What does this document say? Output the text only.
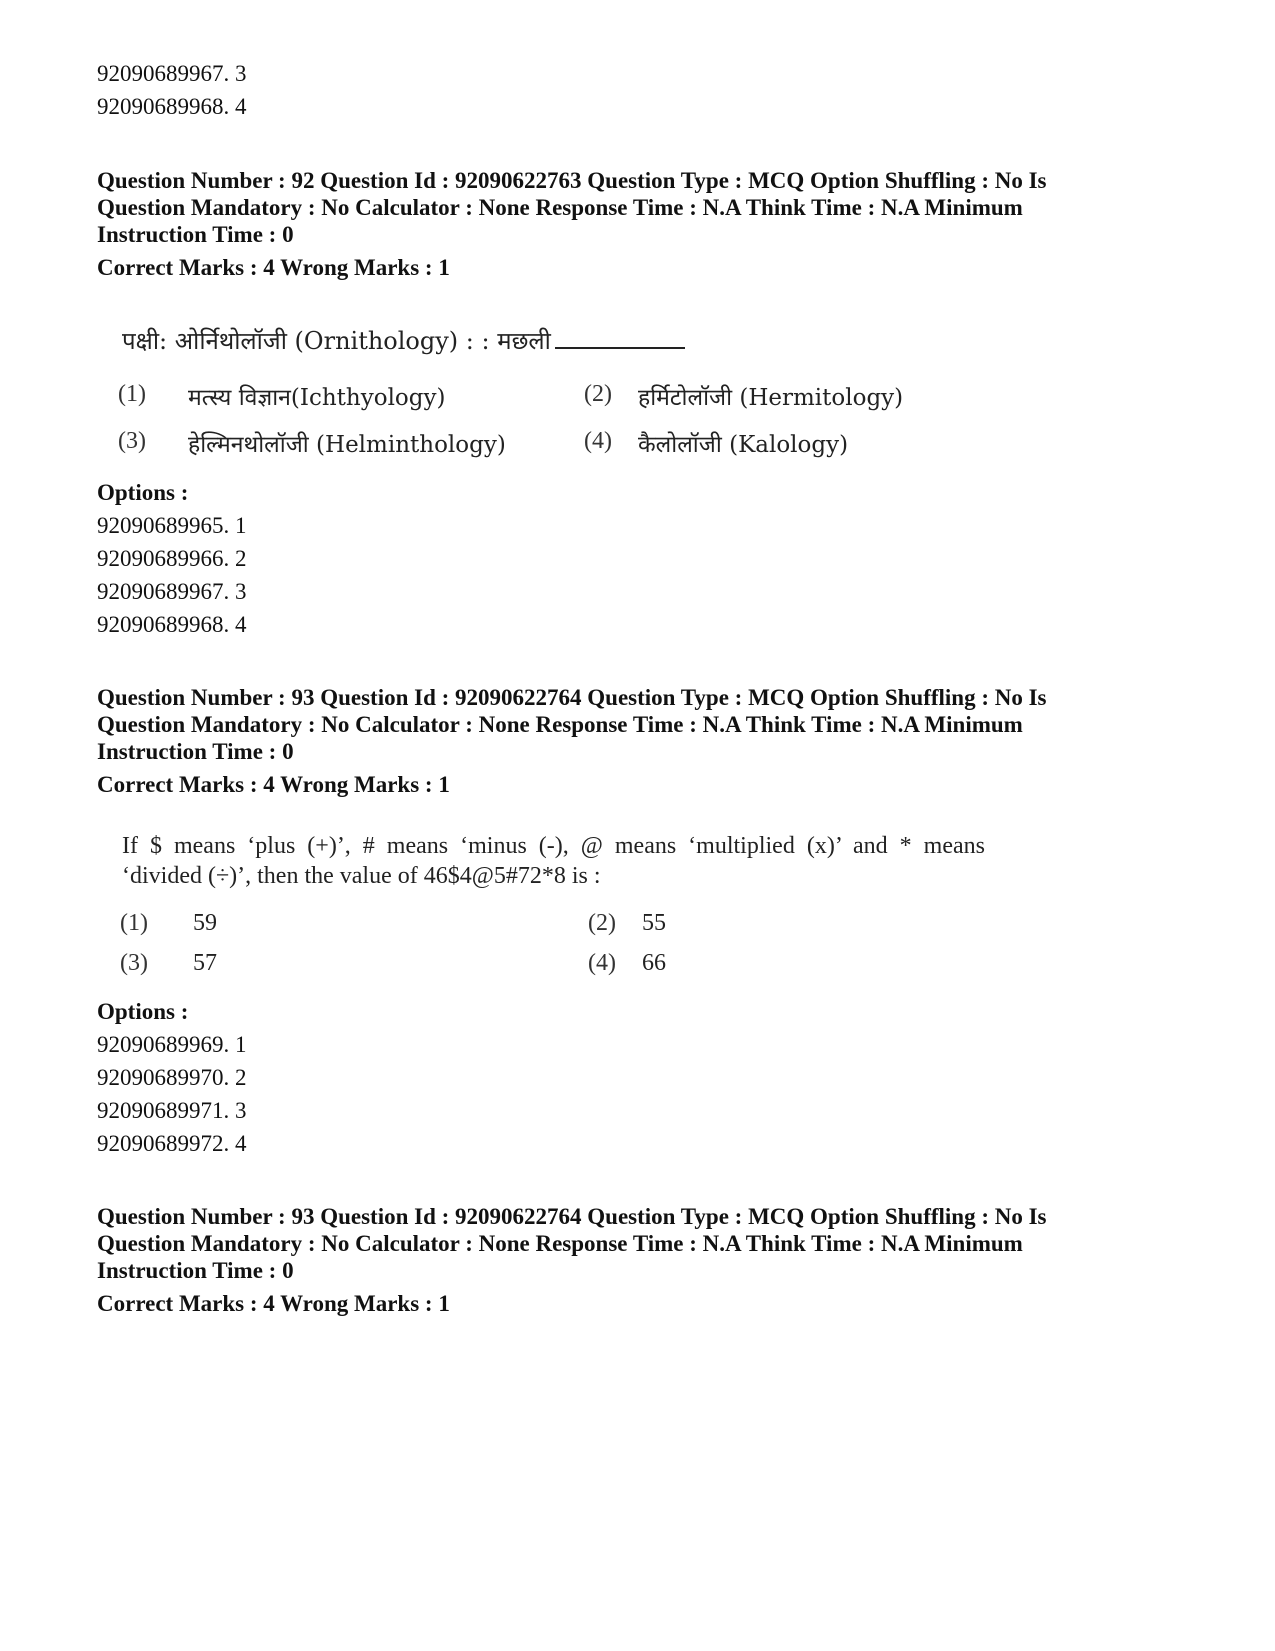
92090689967. 3
92090689968. 4
Question Number : 92 Question Id : 92090622763 Question Type : MCQ Option Shuffling : No Is
Question Mandatory : No Calculator : None Response Time : N.A Think Time : N.A Minimum
Instruction Time : 0
Correct Marks : 4 Wrong Marks : 1
पक्षी: ओर्निथोलॉजी (Ornithology) : : मछली
(1) मत्स्य विज्ञान(Ichthyology)	(2) हर्मिटोलॉजी (Hermitology)
(3) हेल्मिनथोलॉजी (Helminthology)	(4) कैलोलॉजी (Kalology)
Options :
92090689965. 1
92090689966. 2
92090689967. 3
92090689968. 4
Question Number : 93 Question Id : 92090622764 Question Type : MCQ Option Shuffling : No Is
Question Mandatory : No Calculator : None Response Time : N.A Think Time : N.A Minimum
Instruction Time : 0
Correct Marks : 4 Wrong Marks : 1
If $ means ‘plus (+)’, # means ‘minus (-), @ means ‘multiplied (x)’ and * means
‘divided (÷)’, then the value of 46$4@5#72*8 is :
(1) 59	(2) 55
(3) 57	(4) 66
Options :
92090689969. 1
92090689970. 2
92090689971. 3
92090689972. 4
Question Number : 93 Question Id : 92090622764 Question Type : MCQ Option Shuffling : No Is
Question Mandatory : No Calculator : None Response Time : N.A Think Time : N.A Minimum
Instruction Time : 0
Correct Marks : 4 Wrong Marks : 1
